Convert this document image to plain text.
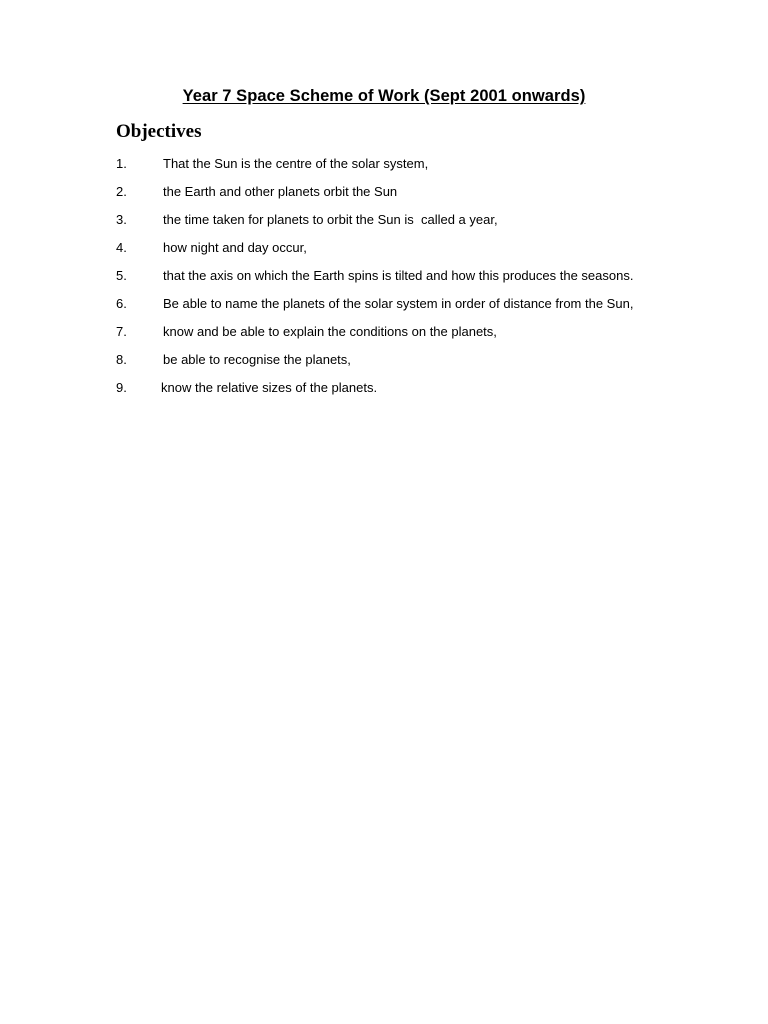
Year 7 Space Scheme of Work (Sept 2001 onwards)
Objectives
1.	That the Sun is the centre of the solar system,
2.	the Earth and other planets orbit the Sun
3.	the time taken for planets to orbit the Sun is  called a year,
4.	how night and day occur,
5.	that the axis on which the Earth spins is tilted and how this produces the seasons.
6.	Be able to name the planets of the solar system in order of distance from the Sun,
7.	know and be able to explain the conditions on the planets,
8.	be able to recognise the planets,
9.	know the relative sizes of the planets.
